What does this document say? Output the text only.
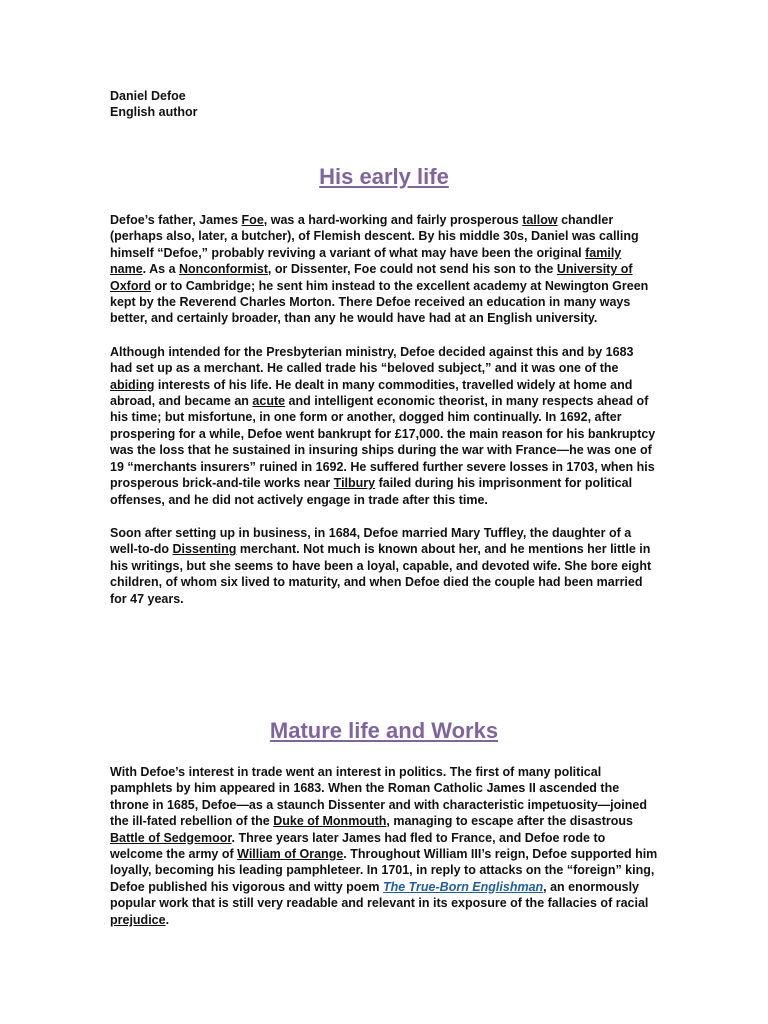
Daniel Defoe

English author

His early life

Defoe’s father, James Foe, was a hard-working and fairly prosperous tallow chandler (perhaps also, later, a butcher), of Flemish descent. By his middle 30s, Daniel was calling himself “Defoe,” probably reviving a variant of what may have been the original family name. As a Nonconformist, or Dissenter, Foe could not send his son to the University of Oxford or to Cambridge; he sent him instead to the excellent academy at Newington Green kept by the Reverend Charles Morton. There Defoe received an education in many ways better, and certainly broader, than any he would have had at an English university.

Although intended for the Presbyterian ministry, Defoe decided against this and by 1683 had set up as a merchant. He called trade his “beloved subject,” and it was one of the abiding interests of his life. He dealt in many commodities, travelled widely at home and abroad, and became an acute and intelligent economic theorist, in many respects ahead of his time; but misfortune, in one form or another, dogged him continually. In 1692, after prospering for a while, Defoe went bankrupt for £17,000. the main reason for his bankruptcy was the loss that he sustained in insuring ships during the war with France—he was one of 19 “merchants insurers” ruined in 1692. He suffered further severe losses in 1703, when his prosperous brick-and-tile works near Tilbury failed during his imprisonment for political offenses, and he did not actively engage in trade after this time.

Soon after setting up in business, in 1684, Defoe married Mary Tuffley, the daughter of a well-to-do Dissenting merchant. Not much is known about her, and he mentions her little in his writings, but she seems to have been a loyal, capable, and devoted wife. She bore eight children, of whom six lived to maturity, and when Defoe died the couple had been married for 47 years.

Mature life and Works

With Defoe’s interest in trade went an interest in politics. The first of many political pamphlets by him appeared in 1683. When the Roman Catholic James II ascended the throne in 1685, Defoe—as a staunch Dissenter and with characteristic impetuosity—joined the ill-fated rebellion of the Duke of Monmouth, managing to escape after the disastrous Battle of Sedgemoor. Three years later James had fled to France, and Defoe rode to welcome the army of William of Orange. Throughout William III’s reign, Defoe supported him loyally, becoming his leading pamphleteer. In 1701, in reply to attacks on the “foreign” king, Defoe published his vigorous and witty poem The True-Born Englishman, an enormously popular work that is still very readable and relevant in its exposure of the fallacies of racial prejudice.
